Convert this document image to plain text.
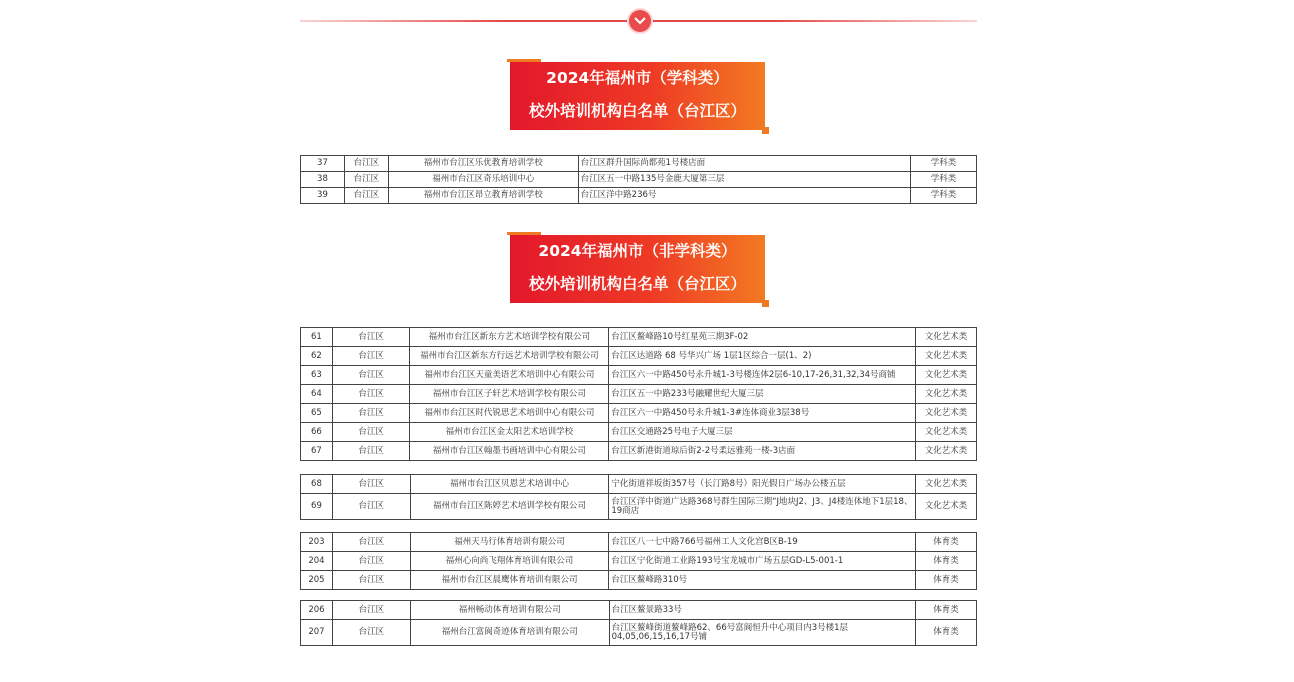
2024年福州市（学科类）
校外培训机构白名单（台江区）
37	台江区	福州市台江区乐优教育培训学校	台江区群升国际尚都苑1号楼店面	学科类
38	台江区	福州市台江区奇乐培训中心	台江区五一中路135号金鹿大厦第三层	学科类
39	台江区	福州市台江区昂立教育培训学校	台江区洋中路236号	学科类
2024年福州市（非学科类）
校外培训机构白名单（台江区）
61	台江区	福州市台江区新东方艺术培训学校有限公司	台江区鳌峰路10号红星苑三期3F-02	文化艺术类
62	台江区	福州市台江区新东方行远艺术培训学校有限公司	台江区达道路 68 号华兴广场 1层1区综合一层(1、2)	文化艺术类
63	台江区	福州市台江区天童美语艺术培训中心有限公司	台江区六一中路450号永升城1-3号楼连体2层6-10,17-26,31,32,34号商铺	文化艺术类
64	台江区	福州市台江区子轩艺术培训学校有限公司	台江区五一中路233号融耀世纪大厦三层	文化艺术类
65	台江区	福州市台江区时代锐思艺术培训中心有限公司	台江区六一中路450号永升城1-3#连体商业3层38号	文化艺术类
66	台江区	福州市台江区金太阳艺术培训学校	台江区交通路25号电子大厦三层	文化艺术类
67	台江区	福州市台江区翰墨书画培训中心有限公司	台江区新港街道琼后街2-2号柔远雅苑一楼-3店面	文化艺术类
68	台江区	福州市台江区贝恩艺术培训中心	宁化街道祥坂街357号（长汀路8号）阳光假日广场办公楼五层	文化艺术类
69	台江区	福州市台江区陈婷艺术培训学校有限公司	台江区洋中街道广达路368号群生国际三期“J地块J2、J3、J4楼连体地下1层18、19商店	文化艺术类
203	台江区	福州天马行体育培训有限公司	台江区八一七中路766号福州工人文化宫B区B-19	体育类
204	台江区	福州心向尚飞翔体育培训有限公司	台江区宁化街道工业路193号宝龙城市广场五层GD-L5-001-1	体育类
205	台江区	福州市台江区晨鹰体育培训有限公司	台江区鳌峰路310号	体育类
206	台江区	福州畅动体育培训有限公司	台江区鳌景路33号	体育类
207	台江区	福州台江富阆奇迹体育培训有限公司	台江区鳌峰街道鳌峰路62、66号富阆恒升中心项目内3号楼1层04,05,06,15,16,17号铺	体育类
